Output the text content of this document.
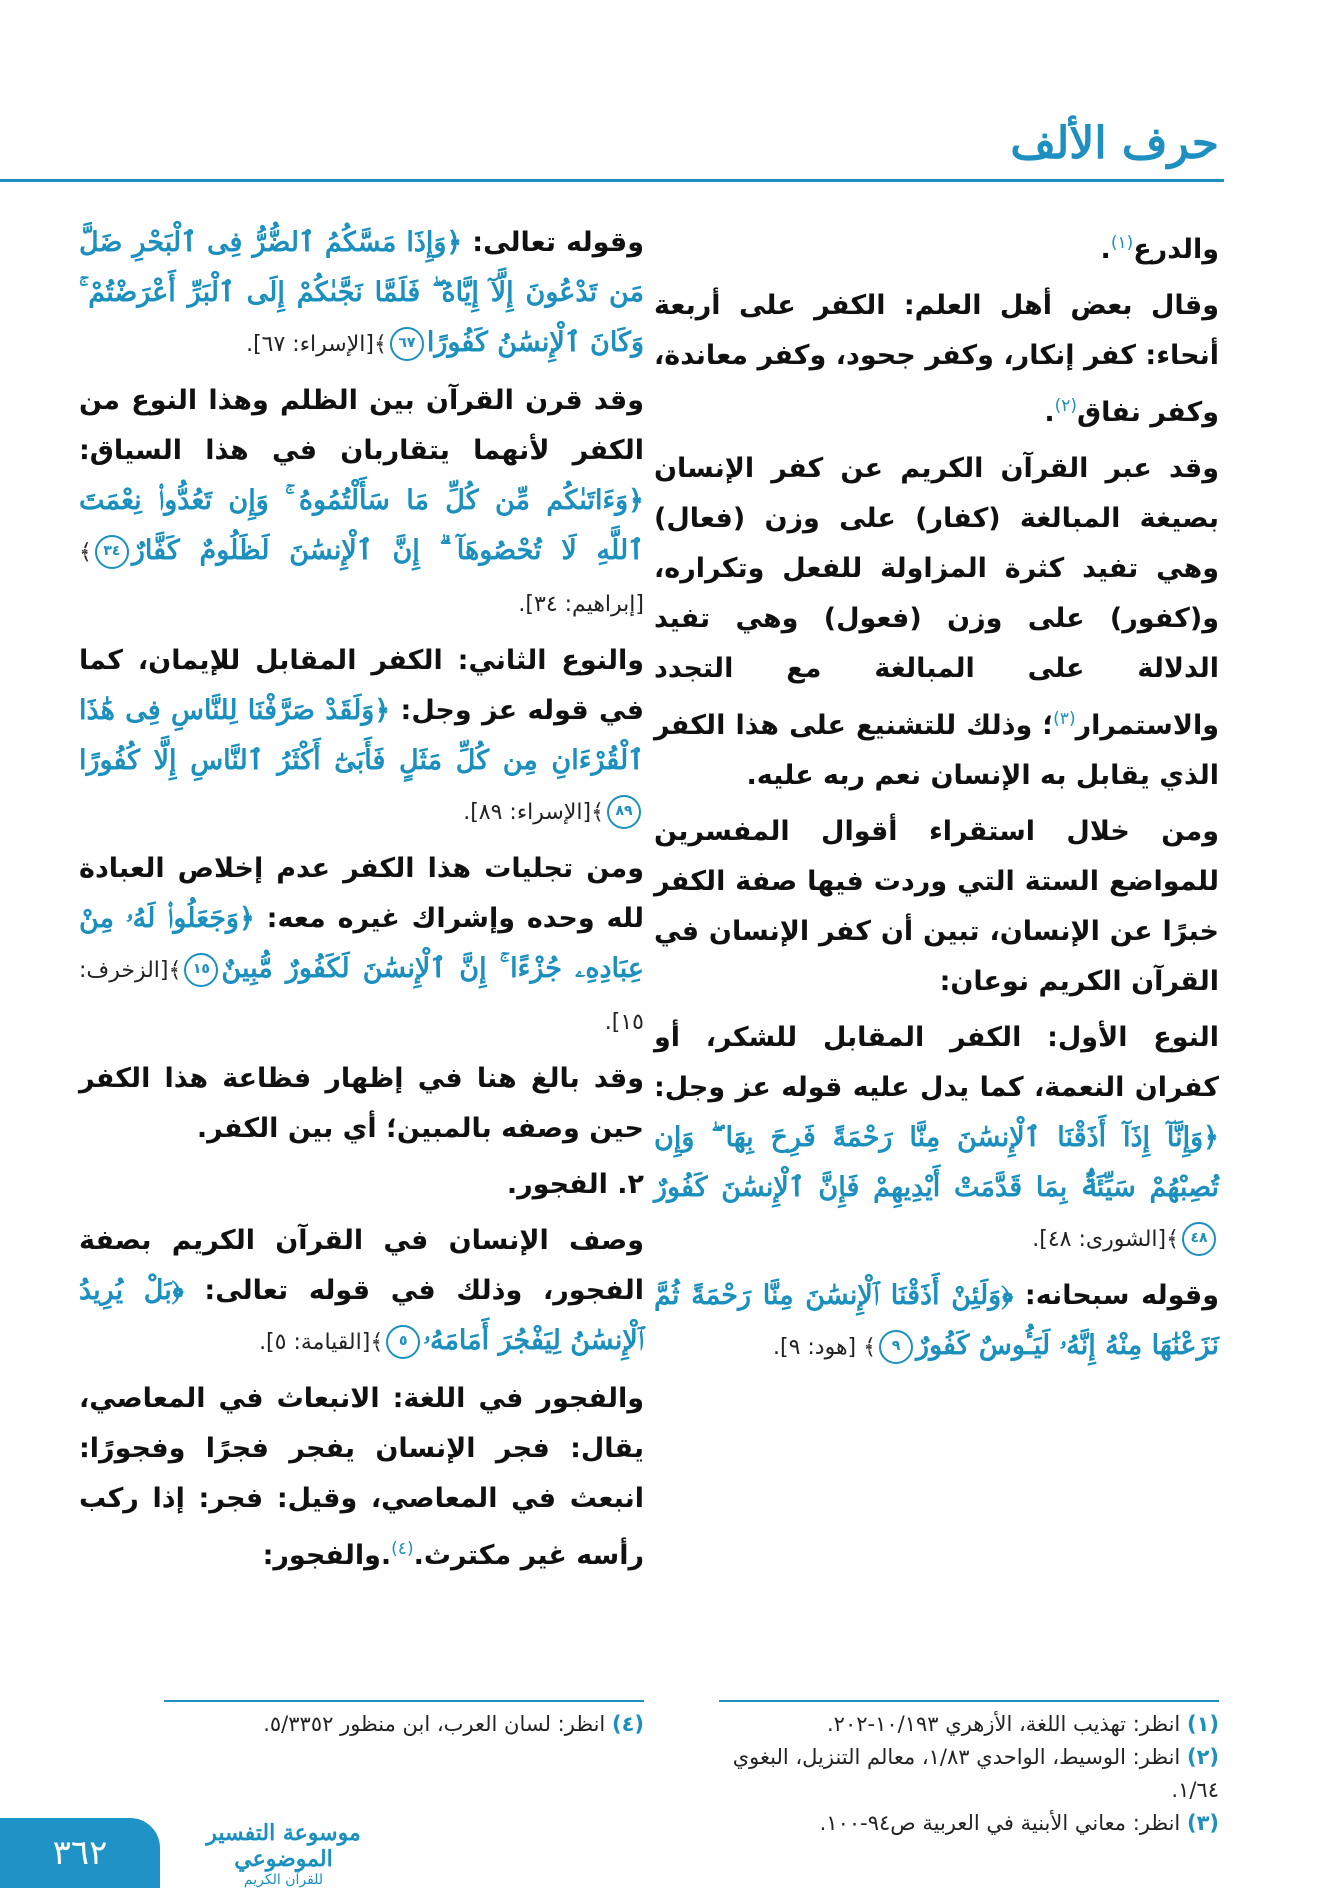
حرف الألف

والدرع$^{(١)}$.

وقال بعض أهل العلم: الكفر على أربعة أنحاء: كفر إنكار، وكفر جحود، وكفر معاندة، وكفر نفاق$^{(٢)}$.

وقد عبر القرآن الكريم عن كفر الإنسان بصيغة المبالغة (كفار) على وزن (فعال) وهي تفيد كثرة المزاولة للفعل وتكراره، و(كفور) على وزن (فعول) وهي تفيد الدلالة على المبالغة مع التجدد والاستمرار$^{(٣)}$؛ وذلك للتشنيع على هذا الكفر الذي يقابل به الإنسان نعم ربه عليه.

ومن خلال استقراء أقوال المفسرين للمواضع الستة التي وردت فيها صفة الكفر خبرًا عن الإنسان، تبين أن كفر الإنسان في القرآن الكريم نوعان:

النوع الأول: الكفر المقابل للشكر، أو كفران النعمة، كما يدل عليه قوله عز وجل: ﴿وَإِنَّآ إِذَآ أَذَقْنَا ٱلْإِنسَٰنَ مِنَّا رَحْمَةً فَرِحَ بِهَا ۖ وَإِن تُصِبْهُمْ سَيِّئَةٌۢ بِمَا قَدَّمَتْ أَيْدِيهِمْ فَإِنَّ ٱلْإِنسَٰنَ كَفُورٌ٤٨﴾[الشورى: ٤٨].

وقوله سبحانه: ﴿وَلَئِنْ أَذَقْنَا ٱلْإِنسَٰنَ مِنَّا رَحْمَةً ثُمَّ نَزَعْنَٰهَا مِنْهُ إِنَّهُۥ لَيَـُٔوسٌ كَفُورٌ٩﴾ [هود: ٩].

وقوله تعالى: ﴿وَإِذَا مَسَّكُمُ ٱلضُّرُّ فِى ٱلْبَحْرِ ضَلَّ مَن تَدْعُونَ إِلَّآ إِيَّاهُ ۖ فَلَمَّا نَجَّىٰكُمْ إِلَى ٱلْبَرِّ أَعْرَضْتُمْ ۚ وَكَانَ ٱلْإِنسَٰنُ كَفُورًا٦٧﴾[الإسراء: ٦٧].

وقد قرن القرآن بين الظلم وهذا النوع من الكفر لأنهما يتقاربان في هذا السياق: ﴿وَءَاتَىٰكُم مِّن كُلِّ مَا سَأَلْتُمُوهُ ۚ وَإِن تَعُدُّوا۟ نِعْمَتَ ٱللَّهِ لَا تُحْصُوهَآ ۗ إِنَّ ٱلْإِنسَٰنَ لَظَلُومٌ كَفَّارٌ٣٤﴾[إبراهيم: ٣٤].

والنوع الثاني: الكفر المقابل للإيمان، كما في قوله عز وجل: ﴿وَلَقَدْ صَرَّفْنَا لِلنَّاسِ فِى هَٰذَا ٱلْقُرْءَانِ مِن كُلِّ مَثَلٍ فَأَبَىٰٓ أَكْثَرُ ٱلنَّاسِ إِلَّا كُفُورًا٨٩﴾[الإسراء: ٨٩].

ومن تجليات هذا الكفر عدم إخلاص العبادة لله وحده وإشراك غيره معه: ﴿وَجَعَلُوا۟ لَهُۥ مِنْ عِبَادِهِۦ جُزْءًا ۚ إِنَّ ٱلْإِنسَٰنَ لَكَفُورٌ مُّبِينٌ١٥﴾[الزخرف: ١٥].

وقد بالغ هنا في إظهار فظاعة هذا الكفر حين وصفه بالمبين؛ أي بين الكفر.

٢. الفجور.

وصف الإنسان في القرآن الكريم بصفة الفجور، وذلك في قوله تعالى: ﴿بَلْ يُرِيدُ ٱلْإِنسَٰنُ لِيَفْجُرَ أَمَامَهُۥ٥﴾[القيامة: ٥].

والفجور في اللغة: الانبعاث في المعاصي، يقال: فجر الإنسان يفجر فجرًا وفجورًا: انبعث في المعاصي، وقيل: فجر: إذا ركب رأسه غير مكترث.$^{(٤)}$.والفجور:

(١) انظر: تهذيب اللغة، الأزهري ١٠/١٩٣-٢٠٢.
(٢) انظر: الوسيط، الواحدي ١/٨٣، معالم التنزيل، البغوي ١/٦٤.
(٣) انظر: معاني الأبنية في العربية ص٩٤-١٠٠.
(٤) انظر: لسان العرب، ابن منظور ٥/٣٣٥٢.
موسوعة التفسير الموضوعي
للقرآن الكريم
٣٦٢
